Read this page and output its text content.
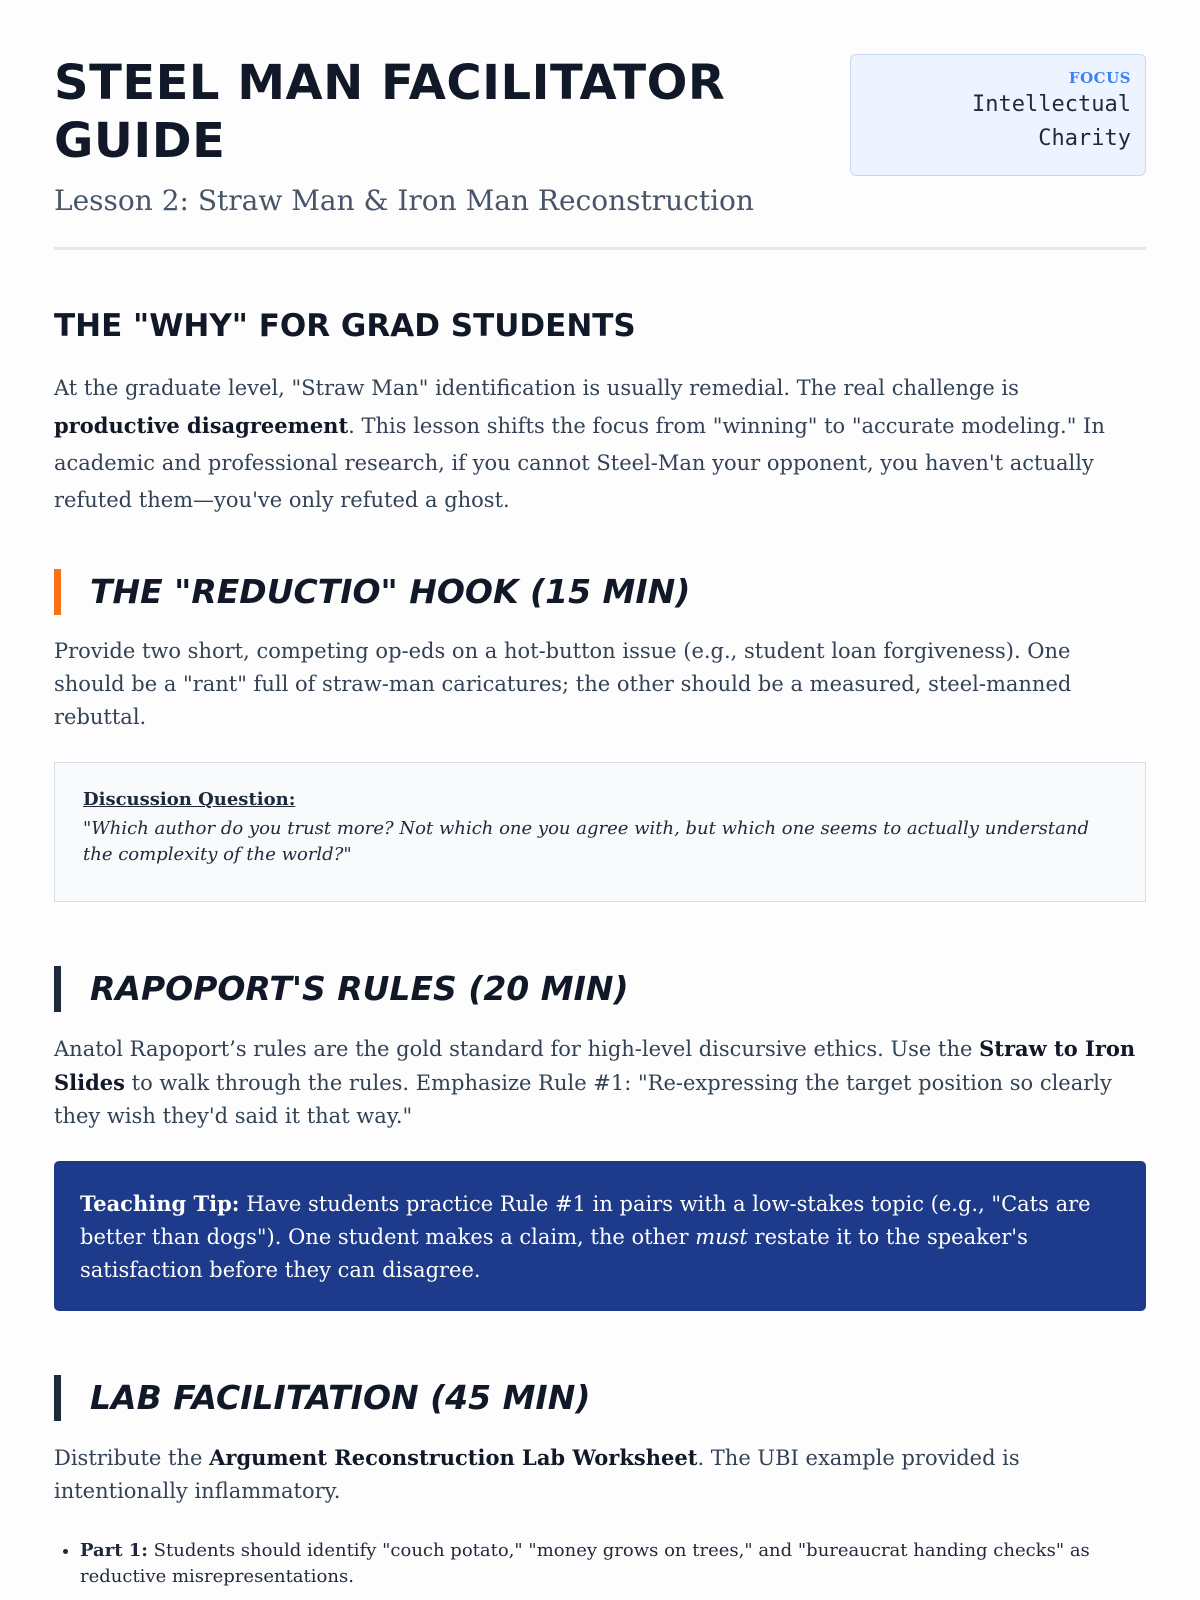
STEEL MAN FACILITATOR GUIDE
Lesson 2: Straw Man & Iron Man Reconstruction
FOCUS
Intellectual
Charity
THE "WHY" FOR GRAD STUDENTS

At the graduate level, "Straw Man" identification is usually remedial. The real challenge is productive disagreement. This lesson shifts the focus from "winning" to "accurate modeling." In academic and professional research, if you cannot Steel-Man your opponent, you haven't actually refuted them—you've only refuted a ghost.

THE "REDUCTIO" HOOK (15 MIN)

Provide two short, competing op-eds on a hot-button issue (e.g., student loan forgiveness). One should be a "rant" full of straw-man caricatures; the other should be a measured, steel-manned rebuttal.

Discussion Question:
"Which author do you trust more? Not which one you agree with, but which one seems to actually understand the complexity of the world?"
RAPOPORT'S RULES (20 MIN)

Anatol Rapoport’s rules are the gold standard for high-level discursive ethics. Use the Straw to Iron Slides to walk through the rules. Emphasize Rule #1: "Re-expressing the target position so clearly they wish they'd said it that way."

Teaching Tip: Have students practice Rule #1 in pairs with a low-stakes topic (e.g., "Cats are better than dogs"). One student makes a claim, the other must restate it to the speaker's satisfaction before they can disagree.
LAB FACILITATION (45 MIN)

Distribute the Argument Reconstruction Lab Worksheet. The UBI example provided is intentionally inflammatory.

• Part 1: Students should identify "couch potato," "money grows on trees," and "bureaucrat handing checks" as reductive misrepresentations.
